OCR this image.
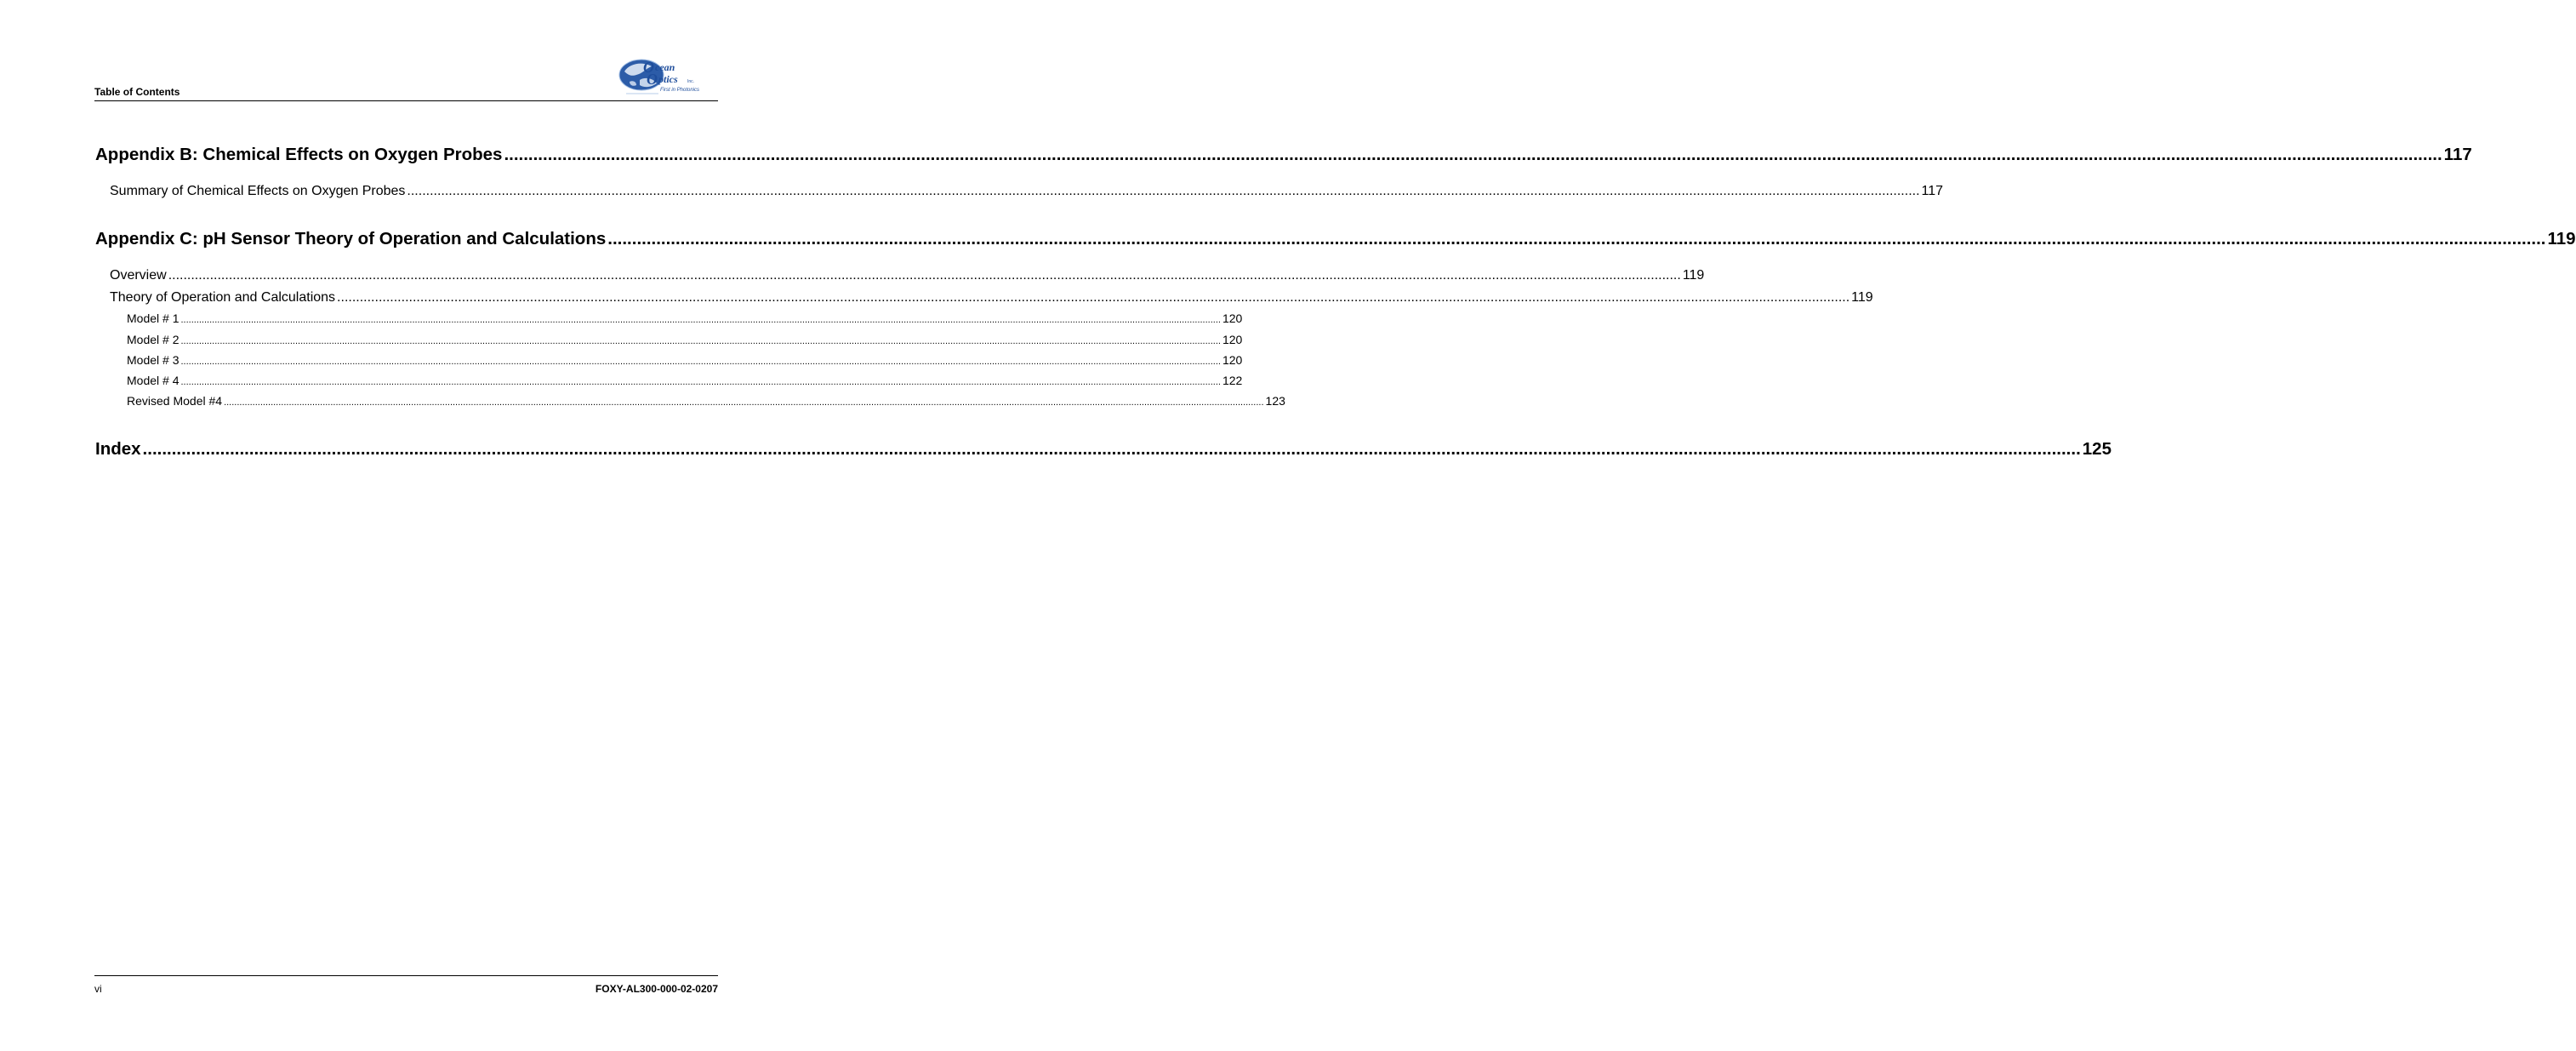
Table of Contents
O cean
O ptics Inc.
First in Photonics
Appendix B: Chemical Effects on Oxygen Probes ................................................................................................................................................................................................................................................................................................................................................................................................................ 117
Summary of Chemical Effects on Oxygen Probes ................................................................................................................................................................................................................................................................................................................................................................................................................ 117
Appendix C: pH Sensor Theory of Operation and Calculations ................................................................................................................................................................................................................................................................................................................................................................................................................ 119
Overview ................................................................................................................................................................................................................................................................................................................................................................................................................ 119
Theory of Operation and Calculations ................................................................................................................................................................................................................................................................................................................................................................................................................ 119
Model # 1 ................................................................................................................................................................................................................................................................................................................................................................................................................ 120
Model # 2 ................................................................................................................................................................................................................................................................................................................................................................................................................ 120
Model # 3 ................................................................................................................................................................................................................................................................................................................................................................................................................ 120
Model # 4 ................................................................................................................................................................................................................................................................................................................................................................................................................ 122
Revised Model #4 ................................................................................................................................................................................................................................................................................................................................................................................................................ 123
Index ................................................................................................................................................................................................................................................................................................................................................................................................................ 125
vi	FOXY-AL300-000-02-0207
